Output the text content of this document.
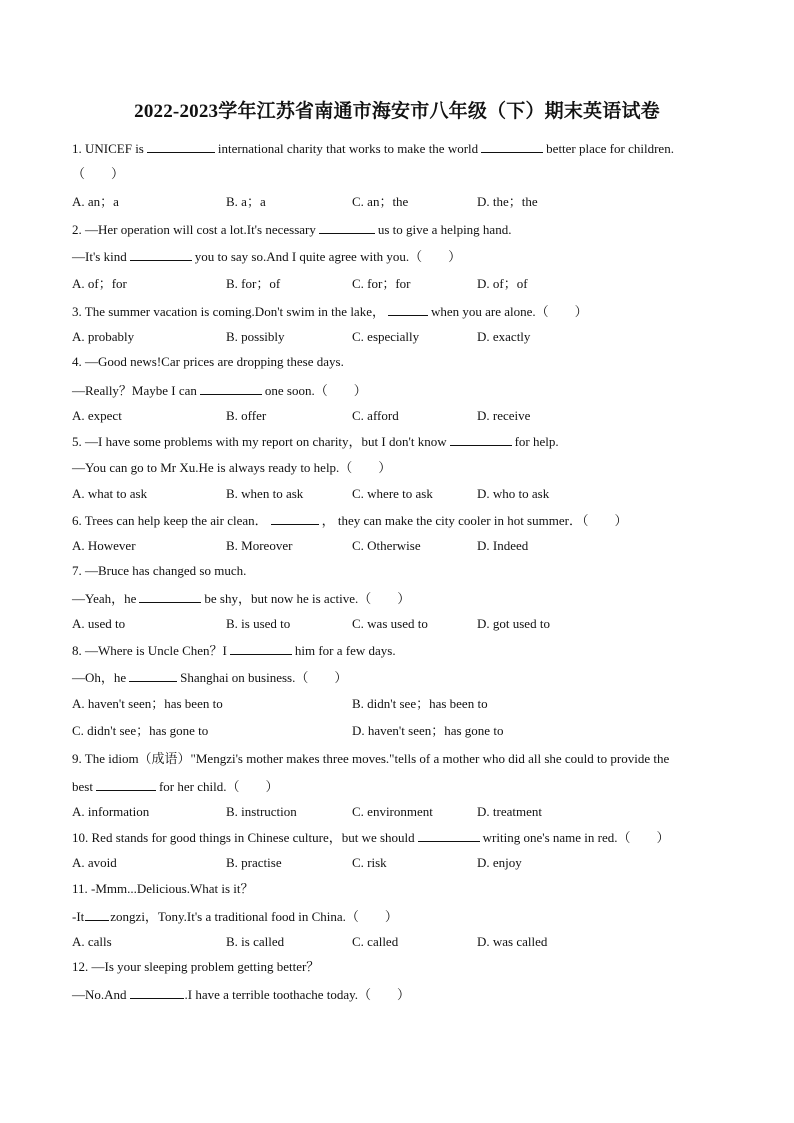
2022-2023学年江苏省南通市海安市八年级（下）期末英语试卷
1. UNICEF is	international charity that works to make the world	better place for children.
（　　）
A. an；a	B. a；a	C. an；the	D. the；the
2. —Her operation will cost a lot.It's necessary	us to give a helping hand.
—It's kind	you to say so.And I quite agree with you.（　　）
A. of；for	B. for；of	C. for；for	D. of；of
3. The summer vacation is coming.Don't swim in the lake，	when you are alone.（　　）
A. probably	B. possibly	C. especially	D. exactly
4. —Good news!Car prices are dropping these days.
—Really？Maybe I can	one soon.（　　）
A. expect	B. offer	C. afford	D. receive
5. —I have some problems with my report on charity，but I don't know	for help.
—You can go to Mr Xu.He is always ready to help.（　　）
A. what to ask	B. when to ask	C. where to ask	D. who to ask
6. Trees can help keep the air clean．	， they can make the city cooler in hot summer．（　　）
A. However	B. Moreover	C. Otherwise	D. Indeed
7. —Bruce has changed so much.
—Yeah，he	be shy，but now he is active.（　　）
A. used to	B. is used to	C. was used to	D. got used to
8. —Where is Uncle Chen？I	him for a few days.
—Oh，he	Shanghai on business.（　　）
A. haven't seen；has been to	B. didn't see；has been to
C. didn't see；has gone to	D. haven't seen；has gone to
9. The idiom（成语）"Mengzi's mother makes three moves."tells of a mother who did all she could to provide the
best	for her child.（　　）
A. information	B. instruction	C. environment	D. treatment
10. Red stands for good things in Chinese culture，but we should	writing one's name in red.（　　）
A. avoid	B. practise	C. risk	D. enjoy
11. -Mmm...Delicious.What is it？
-It zongzi，Tony.It's a traditional food in China.（　　）
A. calls	B. is called	C. called	D. was called
12. —Is your sleeping problem getting better？
—No.And	.I have a terrible toothache today.（　　）
